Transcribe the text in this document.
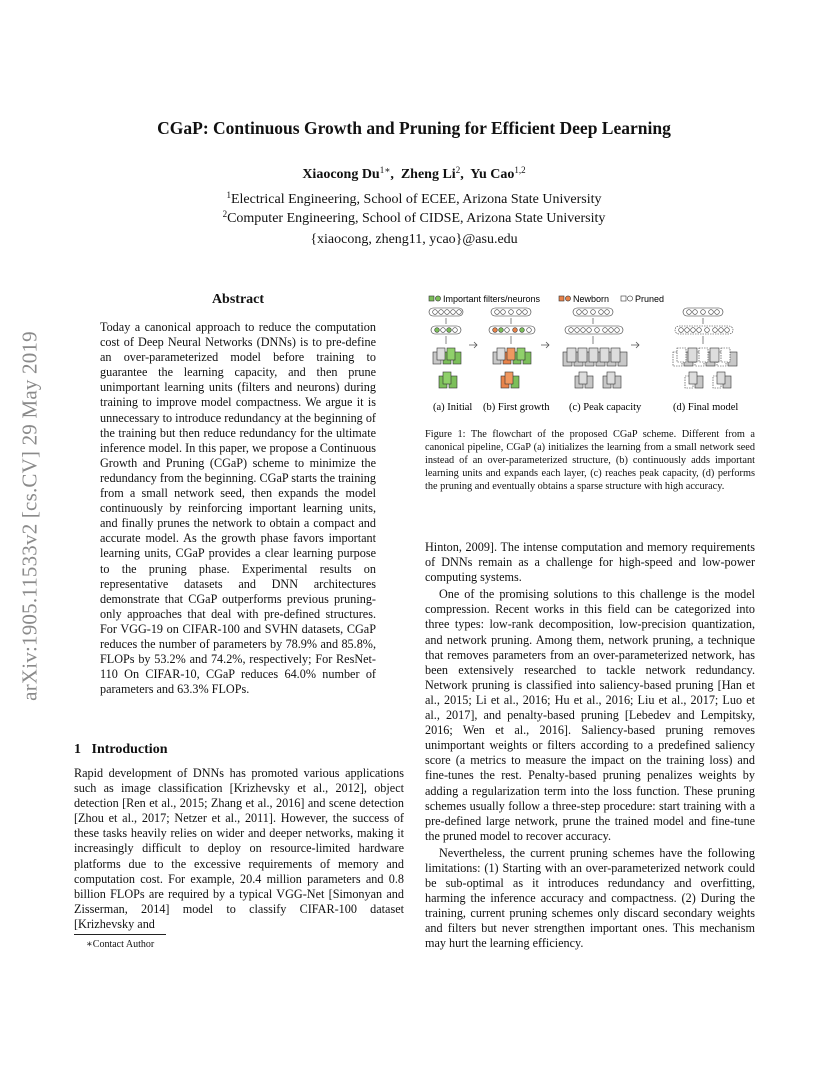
arXiv:1905.11533v2 [cs.CV] 29 May 2019
CGaP: Continuous Growth and Pruning for Efficient Deep Learning
Xiaocong $Du^{1∗}$,  Zheng Li$^2$,  Yu Cao$^{1,2}$
$^1$Electrical Engineering, School of ECEE, Arizona State University
$^2$Computer Engineering, School of CIDSE, Arizona State University
{xiaocong, zheng11, ycao}@asu.edu
Abstract

Today a canonical approach to reduce the computation cost of Deep Neural Networks (DNNs) is to pre-define an over-parameterized model before training to guarantee the learning capacity, and then prune unimportant learning units (filters and neurons) during training to improve model compactness. We argue it is unnecessary to introduce redundancy at the beginning of the training but then reduce redundancy for the ultimate inference model. In this paper, we propose a Continuous Growth and Pruning (CGaP) scheme to minimize the redundancy from the beginning. CGaP starts the training from a small network seed, then expands the model continuously by reinforcing important learning units, and finally prunes the network to obtain a compact and accurate model. As the growth phase favors important learning units, CGaP provides a clear learning purpose to the pruning phase. Experimental results on representative datasets and DNN architectures demonstrate that CGaP outperforms previous pruning-only approaches that deal with pre-defined structures. For VGG-19 on CIFAR-100 and SVHN datasets, CGaP reduces the number of parameters by 78.9% and 85.8%, FLOPs by 53.2% and 74.2%, respectively; For ResNet-110 On CIFAR-10, CGaP reduces 64.0% number of parameters and 63.3% FLOPs.

1 Introduction

Rapid development of DNNs has promoted various applications such as image classification [Krizhevsky et al., 2012], object detection [Ren et al., 2015; Zhang et al., 2016] and scene detection [Zhou et al., 2017; Netzer et al., 2011]. However, the success of these tasks heavily relies on wider and deeper networks, making it increasingly difficult to deploy on resource-limited hardware platforms due to the excessive requirements of memory and computation cost. For example, 20.4 million parameters and 0.8 billion FLOPs are required by a typical VGG-Net [Simonyan and Zisserman, 2014] model to classify CIFAR-100 dataset [Krizhevsky and

∗Contact Author
Important filters/neurons	Newborn	Pruned
(a) Initial (b) First growth (c) Peak capacity	(d) Final model
Figure 1: The flowchart of the proposed CGaP scheme. Different from a canonical pipeline, CGaP (a) initializes the learning from a small network seed instead of an over-parameterized structure, (b) continuously adds important learning units and expands each layer, (c) reaches peak capacity, (d) performs the pruning and eventually obtains a sparse structure with high accuracy.

Hinton, 2009]. The intense computation and memory requirements of DNNs remain as a challenge for high-speed and low-power computing systems.

One of the promising solutions to this challenge is the model compression. Recent works in this field can be categorized into three types: low-rank decomposition, low-precision quantization, and network pruning. Among them, network pruning, a technique that removes parameters from an over-parameterized network, has been extensively researched to tackle network redundancy. Network pruning is classified into saliency-based pruning [Han et al., 2015; Li et al., 2016; Hu et al., 2016; Liu et al., 2017; Luo et al., 2017], and penalty-based pruning [Lebedev and Lempitsky, 2016; Wen et al., 2016]. Saliency-based pruning removes unimportant weights or filters according to a predefined saliency score (a metrics to measure the impact on the training loss) and fine-tunes the rest. Penalty-based pruning penalizes weights by adding a regularization term into the loss function. These pruning schemes usually follow a three-step procedure: start training with a pre-defined large network, prune the trained model and fine-tune the pruned model to recover accuracy.

Nevertheless, the current pruning schemes have the following limitations: (1) Starting with an over-parameterized network could be sub-optimal as it introduces redundancy and overfitting, harming the inference accuracy and compactness. (2) During the training, current pruning schemes only discard secondary weights and filters but never strengthen important ones. This mechanism may hurt the learning efficiency.
